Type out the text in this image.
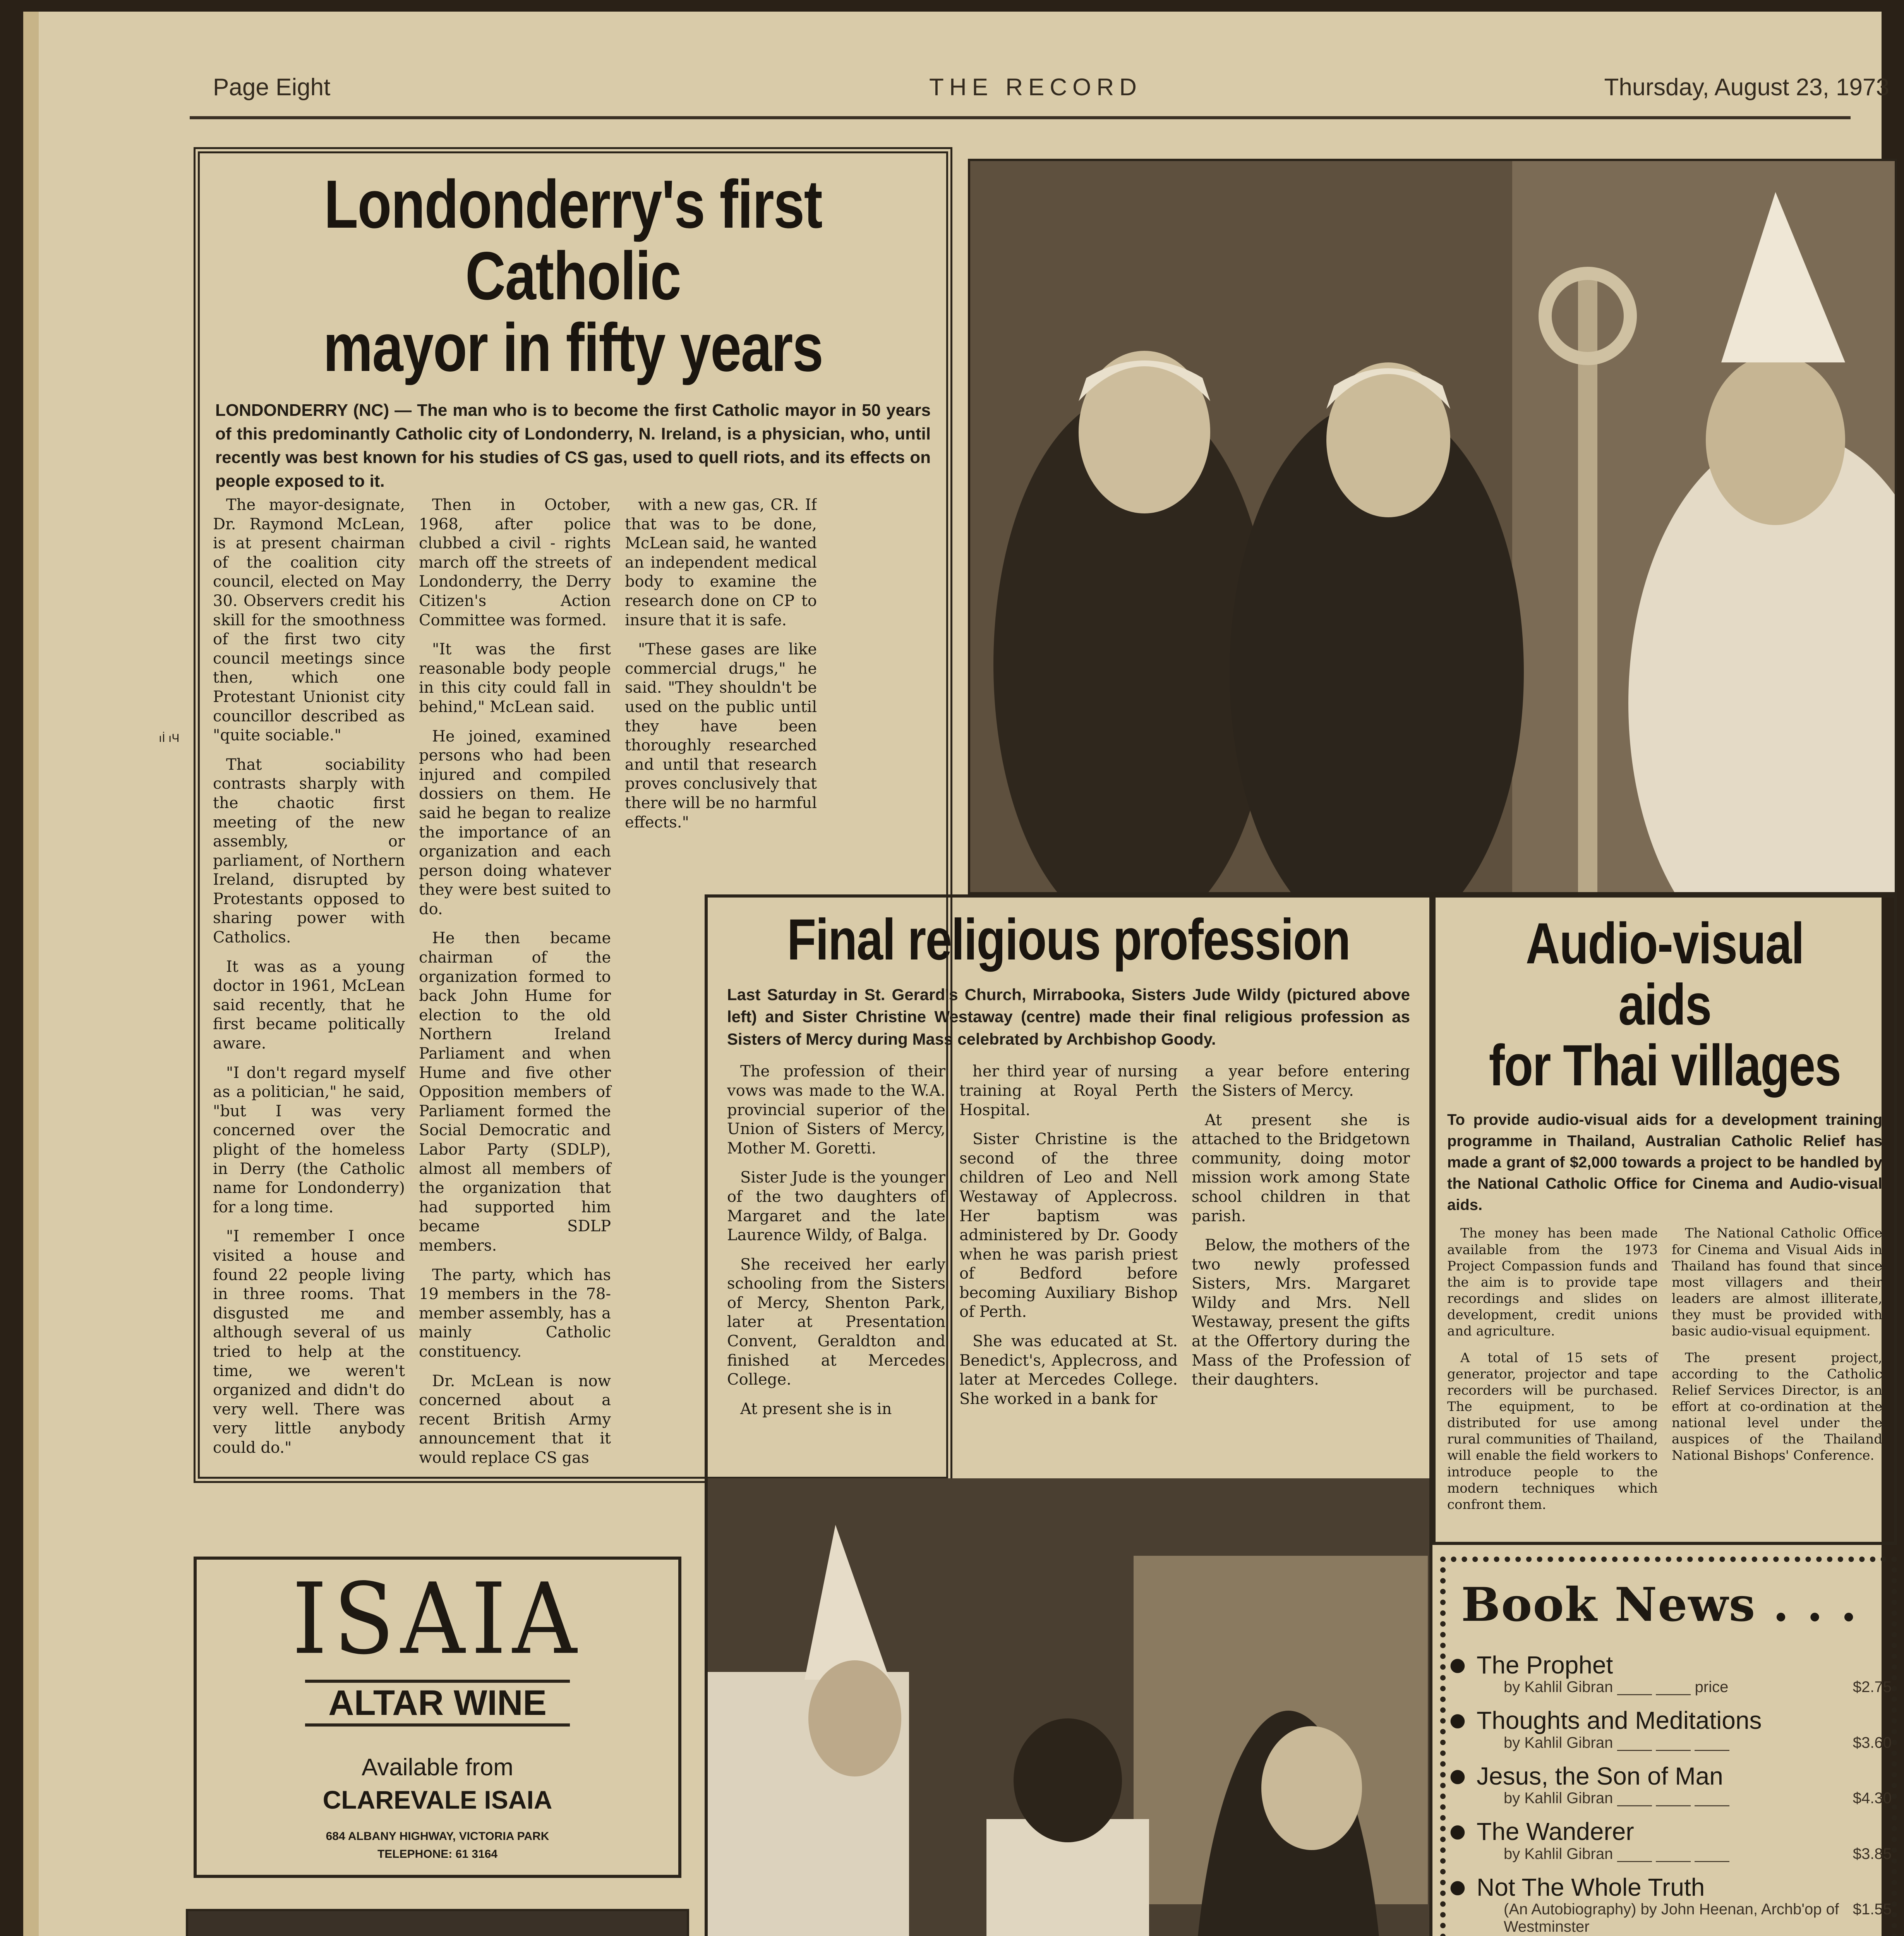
Page Eight	THE RECORD	Thursday, August 23, 1973
ıİ ıЧ
Londonderry's first Catholic
mayor in fifty years
LONDONDERRY (NC) — The man who is to become the first Catholic mayor in 50 years of this predominantly Catholic city of Londonderry, N. Ireland, is a physician, who, until recently was best known for his studies of CS gas, used to quell riots, and its effects on people exposed to it.

The mayor-designate, Dr. Raymond McLean, is at present chairman of the coalition city council, elected on May 30. Observers credit his skill for the smoothness of the first two city council meetings since then, which one Protestant Unionist city councillor described as "quite sociable."

That sociability contrasts sharply with the chaotic first meeting of the new assembly, or parliament, of Northern Ireland, disrupted by Protestants opposed to sharing power with Catholics.

It was as a young doctor in 1961, McLean said recently, that he first became politically aware.

"I don't regard myself as a politician," he said, "but I was very concerned over the plight of the homeless in Derry (the Catholic name for Londonderry) for a long time.

"I remember I once visited a house and found 22 people living in three rooms. That disgusted me and although several of us tried to help at the time, we weren't organized and didn't do very well. There was very little anybody could do."

Then in October, 1968, after police clubbed a civil - rights march off the streets of Londonderry, the Derry Citizen's Action Committee was formed.

"It was the first reasonable body people in this city could fall in behind," McLean said.

He joined, examined persons who had been injured and compiled dossiers on them. He said he began to realize the importance of an organization and each person doing whatever they were best suited to do.

He then became chairman of the organization formed to back John Hume for election to the old Northern Ireland Parliament and when Hume and five other Opposition members of Parliament formed the Social Democratic and Labor Party (SDLP), almost all members of the organization that had supported him became SDLP members.

The party, which has 19 members in the 78-member assembly, has a mainly Catholic constituency.

Dr. McLean is now concerned about a recent British Army announcement that it would replace CS gas

with a new gas, CR. If that was to be done, McLean said, he wanted an independent medical body to examine the research done on CP to insure that it is safe.

"These gases are like commercial drugs," he said. "They shouldn't be used on the public until they have been thoroughly researched and until that research proves conclusively that there will be no harmful effects."

Final religious profession
Last Saturday in St. Gerard's Church, Mirrabooka, Sisters Jude Wildy (pictured above left) and Sister Christine Westaway (centre) made their final religious profession as Sisters of Mercy during Mass celebrated by Archbishop Goody.

The profession of their vows was made to the W.A. provincial superior of the Union of Sisters of Mercy, Mother M. Goretti.

Sister Jude is the younger of the two daughters of Margaret and the late Laurence Wildy, of Balga.

She received her early schooling from the Sisters of Mercy, Shenton Park, later at Presentation Convent, Geraldton and finished at Mercedes College.

At present she is in

her third year of nursing training at Royal Perth Hospital.

Sister Christine is the second of the three children of Leo and Nell Westaway of Applecross. Her baptism was administered by Dr. Goody when he was parish priest of Bedford before becoming Auxiliary Bishop of Perth.

She was educated at St. Benedict's, Applecross, and later at Mercedes College. She worked in a bank for

a year before entering the Sisters of Mercy.

At present she is attached to the Bridgetown community, doing motor mission work among State school children in that parish.

Below, the mothers of the two newly professed Sisters, Mrs. Margaret Wildy and Mrs. Nell Westaway, present the gifts at the Offertory during the Mass of the Profession of their daughters.

Audio-visual aids
for Thai villages
To provide audio-visual aids for a development training programme in Thailand, Australian Catholic Relief has made a grant of $2,000 towards a project to be handled by the National Catholic Office for Cinema and Audio-visual aids.

The money has been made available from the 1973 Project Compassion funds and the aim is to provide tape recordings and slides on development, credit unions and agriculture.

A total of 15 sets of generator, projector and tape recorders will be purchased. The equipment, to be distributed for use among rural communities of Thailand, will enable the field workers to introduce people to the modern techniques which confront them.

The National Catholic Office for Cinema and Visual Aids in Thailand has found that since most villagers and their leaders are almost illiterate, they must be provided with basic audio-visual equipment.

The present project, according to the Catholic Relief Services Director, is an effort at co-ordination at the national level under the auspices of the Thailand National Bishops' Conference.

Book News . . .
● The Prophet
by Kahlil Gibran ____ ____ price	$2.75
● Thoughts and Meditations
by Kahlil Gibran ____ ____ ____	$3.60
● Jesus, the Son of Man
by Kahlil Gibran ____ ____ ____	$4.30
● The Wanderer
by Kahlil Gibran ____ ____ ____	$3.85
● Not The Whole Truth
(An Autobiography) by John Heenan, Archb'op of Westminster
$1.55
ISAIA
ALTAR WINE
Available from
CLAREVALE ISAIA
684 ALBANY HIGHWAY, VICTORIA PARK
TELEPHONE: 61 3164
